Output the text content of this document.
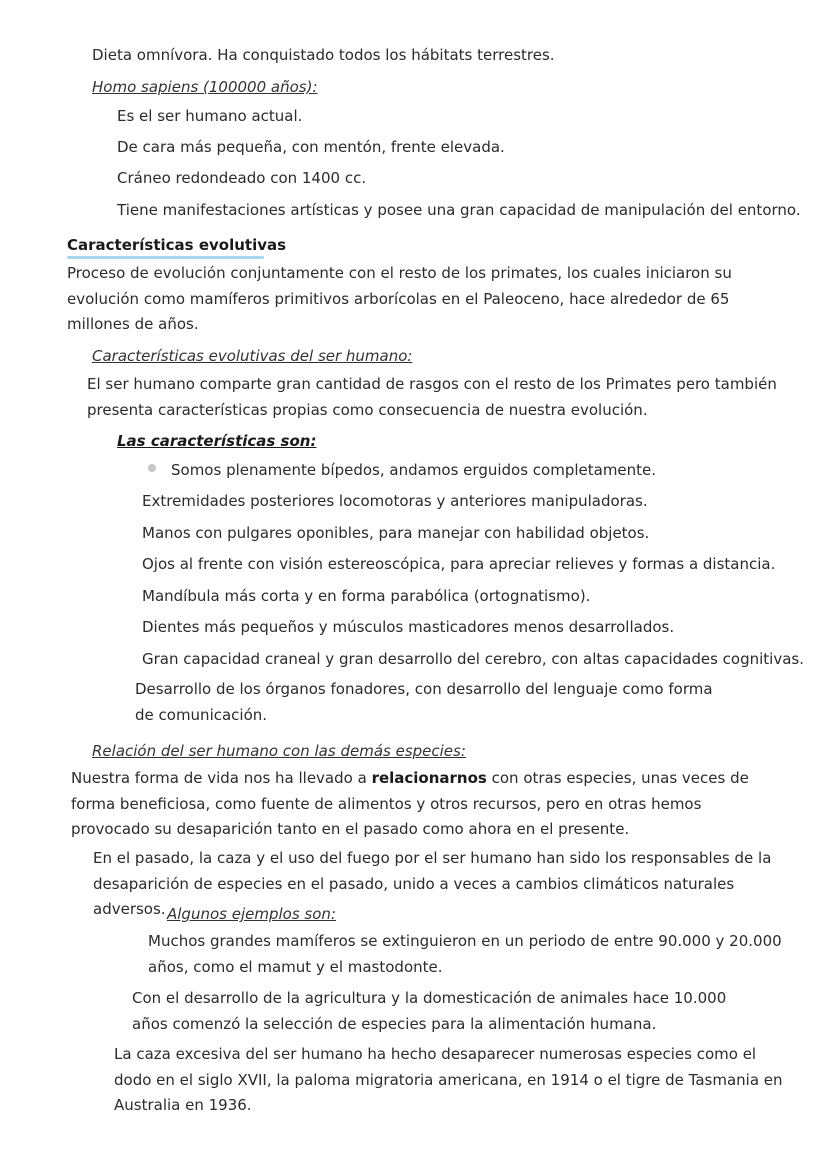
Dieta omnívora. Ha conquistado todos los hábitats terrestres.
Homo sapiens (100000 años):
Es el ser humano actual.
De cara más pequeña, con mentón, frente elevada.
Cráneo redondeado con 1400 cc.
Tiene manifestaciones artísticas y posee una gran capacidad de manipulación del entorno.
Características evolutivas
Proceso de evolución conjuntamente con el resto de los primates, los cuales iniciaron su evolución como mamíferos primitivos arborícolas en el Paleoceno, hace alrededor de 65 millones de años.
Características evolutivas del ser humano:
El ser humano comparte gran cantidad de rasgos con el resto de los Primates pero también presenta características propias como consecuencia de nuestra evolución.
Las características son:
Somos plenamente bípedos, andamos erguidos completamente.
Extremidades posteriores locomotoras y anteriores manipuladoras.
Manos con pulgares oponibles, para manejar con habilidad objetos.
Ojos al frente con visión estereoscópica, para apreciar relieves y formas a distancia.
Mandíbula más corta y en forma parabólica (ortognatismo).
Dientes más pequeños y músculos masticadores menos desarrollados.
Gran capacidad craneal y gran desarrollo del cerebro, con altas capacidades cognitivas.
Desarrollo de los órganos fonadores, con desarrollo del lenguaje como forma de comunicación.
Relación del ser humano con las demás especies:
Nuestra forma de vida nos ha llevado a relacionarnos con otras especies, unas veces de forma beneficiosa, como fuente de alimentos y otros recursos, pero en otras hemos provocado su desaparición tanto en el pasado como ahora en el presente.
En el pasado, la caza y el uso del fuego por el ser humano han sido los responsables de la desaparición de especies en el pasado, unido a veces a cambios climáticos naturales adversos. Algunos ejemplos son:
Muchos grandes mamíferos se extinguieron en un periodo de entre 90.000 y 20.000 años, como el mamut y el mastodonte.
Con el desarrollo de la agricultura y la domesticación de animales hace 10.000 años comenzó la selección de especies para la alimentación humana.
La caza excesiva del ser humano ha hecho desaparecer numerosas especies como el dodo en el siglo XVII, la paloma migratoria americana, en 1914 o el tigre de Tasmania en Australia en 1936.
